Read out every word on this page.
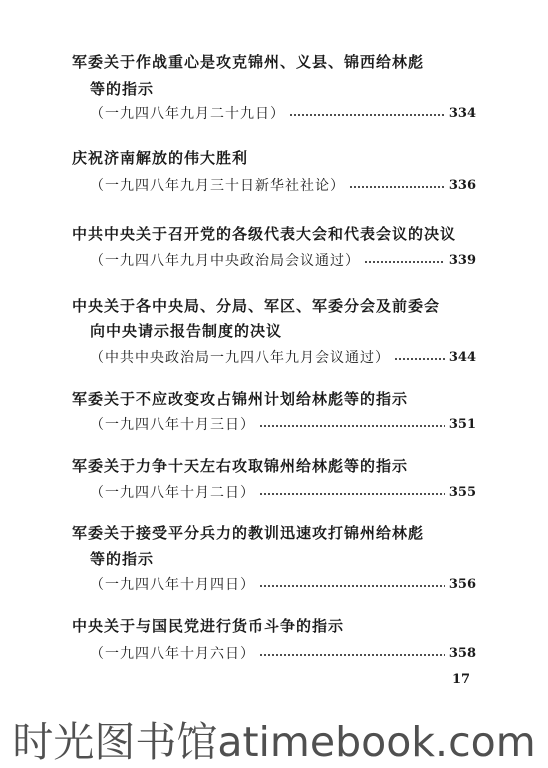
军委关于作战重心是攻克锦州、义县、锦西给林彪
等的指示
（一九四八年九月二十九日）	334
庆祝济南解放的伟大胜利
（一九四八年九月三十日新华社社论）	336
中共中央关于召开党的各级代表大会和代表会议的决议
（一九四八年九月中央政治局会议通过）	339
中央关于各中央局、分局、军区、军委分会及前委会
向中央请示报告制度的决议
（中共中央政治局一九四八年九月会议通过）	344
军委关于不应改变攻占锦州计划给林彪等的指示
（一九四八年十月三日）	351
军委关于力争十天左右攻取锦州给林彪等的指示
（一九四八年十月二日）	355
军委关于接受平分兵力的教训迅速攻打锦州给林彪
等的指示
（一九四八年十月四日）	356
中央关于与国民党进行货币斗争的指示
（一九四八年十月六日）	358
17
时光图书馆atimebook.com
